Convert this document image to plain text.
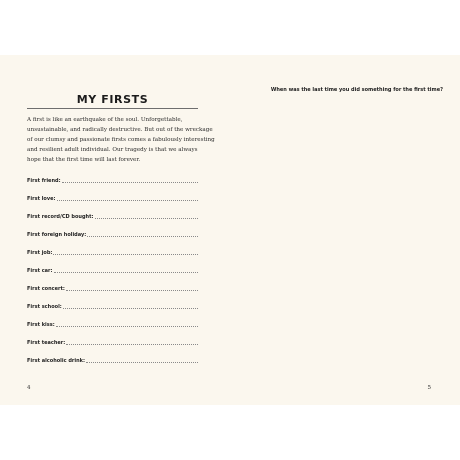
MY FIRSTS
A first is like an earthquake of the soul. Unforgettable,
unsustainable, and radically destructive. But out of the wreckage
of our clumsy and passionate firsts comes a fabulously interesting
and resilient adult individual. Our tragedy is that we always
hope that the first time will last forever.
First friend:
First love:
First record/CD bought:
First foreign holiday:
First job:
First car:
First concert:
First school:
First kiss:
First teacher:
First alcoholic drink:
4
When was the last time you did something for the first time?
5
